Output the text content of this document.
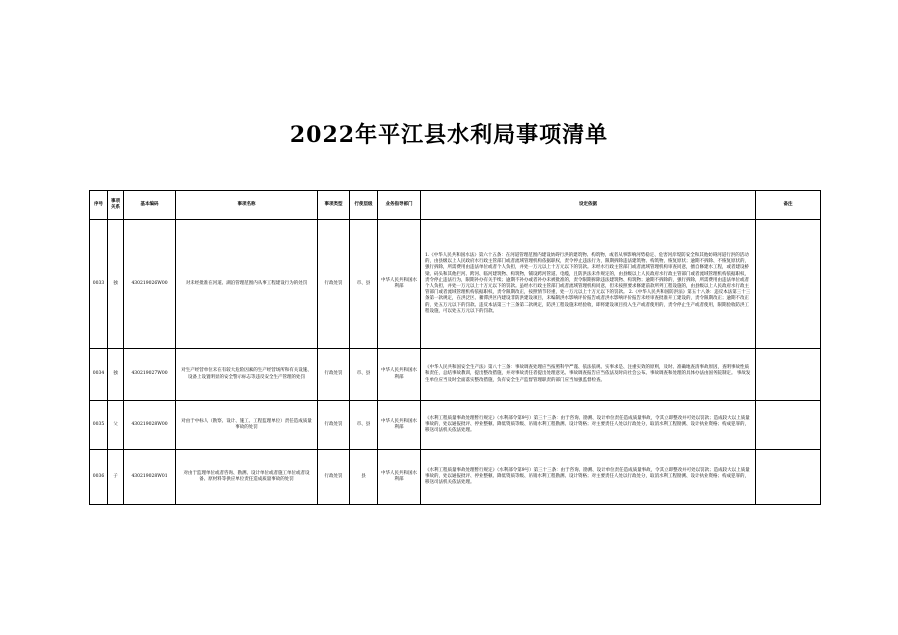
2022年平江县水利局事项清单
序号	事项关系	基本编码	事项名称	事项类型	行使层级	业务指导部门	设定依据	备注
0033	独	430219026W00	对未经批准在河道、湖泊管理范围内从事工程建设行为的处罚	行政处罚	市、县	中华人民共和国水利部	1.《中华人民共和国水法》第六十五条：在河道管理范围内建设妨碍行洪的建筑物、构筑物，或者从事影响河势稳定、危害河岸堤防安全和其他妨碍河道行洪的活动的，由县级以上人民政府水行政主管部门或者流域管理机构依据职权，责令停止违法行为，限期拆除违法建筑物、构筑物，恢复原状；逾期不拆除、不恢复原状的，强行拆除，所需费用由违法单位或者个人负担，并处一万元以上十万元以下的罚款。未经水行政主管部门或者流域管理机构审查同意，擅自修建水工程，或者建设桥梁、码头和其他拦河、跨河、临河建筑物、构筑物，铺设跨河管道、电缆，且防洪法未作规定的，由县级以上人民政府水行政主管部门或者流域管理机构依据职权，责令停止违法行为，限期补办有关手续；逾期不补办或者补办未被批准的，责令限期拆除违法建筑物、构筑物；逾期不拆除的，强行拆除，所需费用由违法单位或者个人负担，并处一万元以上十万元以下的罚款。虽经水行政主管部门或者流域管理机构同意，但未按照要求修建前款所列工程设施的，由县级以上人民政府水行政主管部门或者流域管理机构依据职权，责令限期改正，按照情节轻重，处一万元以上十万元以下的罚款。 2.《中华人民共和国防洪法》第五十八条：违反本法第三十三条第一款规定，在洪泛区、蓄滞洪区内建设非防洪建设项目，未编制洪水影响评价报告或者洪水影响评价报告未经审查批准开工建设的，责令限期改正；逾期不改正的，处五万元以下的罚款。违反本法第三十三条第二款规定，防洪工程设施未经验收，即将建设项目投入生产或者使用的，责令停止生产或者使用，限期验收防洪工程设施，可以处五万元以下的罚款。	
0034	独	430219027W00	对生产经营单位未在有较大危险因素的生产经营场所和有关设施、设备上设置明显的安全警示标志等违反安全生产管理的处罚	行政处罚	市、县	中华人民共和国水利部	《中华人民共和国安全生产法》第八十三条：事故调查处理应当按照科学严谨、依法依规、实事求是、注重实效的原则，及时、准确地查清事故原因，查明事故性质和责任，总结事故教训，提出整改措施，并对事故责任者提出处理意见。事故调查报告应当依法及时向社会公布。事故调查和处理的具体办法由国务院制定。 事故发生单位应当及时全面落实整改措施，负有安全生产监督管理职责的部门应当加强监督检查。	
0035	父	430219028W00	对由于中标人（勘察、设计、施工、工程监理单位）责任造成质量事故的处罚	行政处罚	市、县	中华人民共和国水利部	《水利工程质量事故处理暂行规定》（水利部令第9号）第三十三条：由于咨询、勘测、设计单位责任造成质量事故，令其立即整改并可处以罚款；造成较大以上质量事故的，处以通报批评、停业整顿、降低资质等级、吊销水利工程勘测、设计资格；对主要责任人处以行政处分，取消水利工程勘测、设计执业资格；构成犯罪的，移送司法机关依法处理。	
0036	子	430219028W01	对由于监理单位或者咨询、勘测、设计单位或者施工单位或者设备、原材料等供应单位责任造成质量事故的处罚	行政处罚	县	中华人民共和国水利部	《水利工程质量事故处理暂行规定》（水利部令第9号）第三十三条：由于咨询、勘测、设计单位责任造成质量事故，令其立即整改并可处以罚款；造成较大以上质量事故的，处以通报批评、停业整顿、降低资质等级、吊销水利工程勘测、设计资格；对主要责任人处以行政处分，取消水利工程勘测、设计执业资格；构成犯罪的，移送司法机关依法处理。	
